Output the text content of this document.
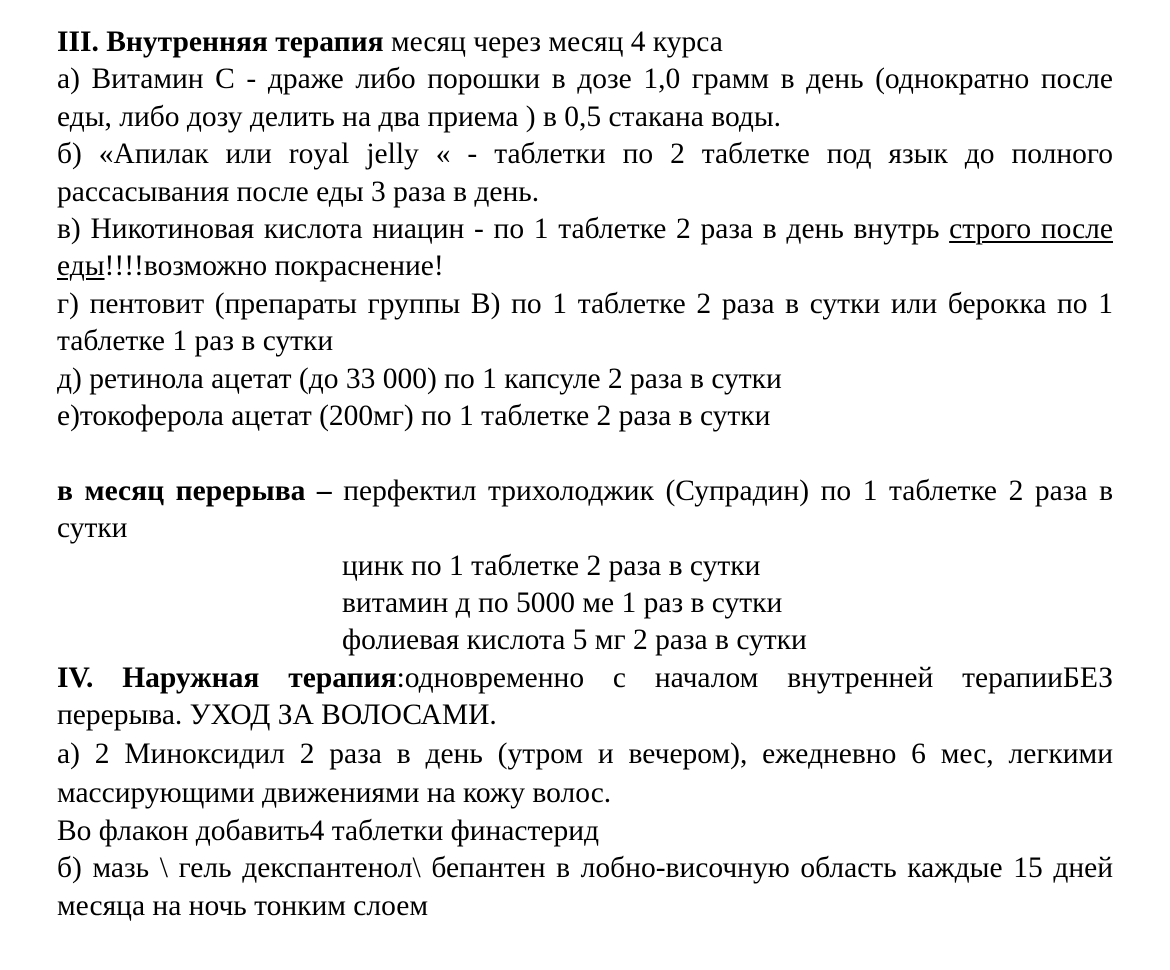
III. Внутренняя терапия месяц через месяц 4 курса

а) Витамин С - драже либо порошки в дозе 1,0 грамм в день (однократно после еды, либо дозу делить на два приема ) в 0,5 стакана воды.

б) «Апилак или royal jelly « - таблетки по 2 таблетке под язык до полного рассасывания после еды 3 раза в день.

в) Никотиновая кислота ниацин - по 1 таблетке 2 раза в день внутрь строго после еды!!!!возможно покраснение!

г) пентовит (препараты группы В) по 1 таблетке 2 раза в сутки или берокка по 1 таблетке 1 раз в сутки

д) ретинола ацетат (до 33 000) по 1 капсуле 2 раза в сутки

е)токоферола ацетат (200мг) по 1 таблетке 2 раза в сутки

в месяц перерыва – перфектил трихолоджик (Супрадин) по 1 таблетке 2 раза в сутки

цинк по 1 таблетке 2 раза в сутки

витамин д по 5000 ме 1 раз в сутки

фолиевая кислота 5 мг 2 раза в сутки

IV. Наружная терапия:одновременно с началом внутренней терапииБЕЗ перерыва. УХОД ЗА ВОЛОСАМИ.

а) 2 Миноксидил 2 раза в день (утром и вечером), ежедневно 6 мес, легкими массирующими движениями на кожу волос.

Во флакон добавить4 таблетки финастерид

б) мазь \ гель декспантенол\ бепантен в лобно-височную область каждые 15 дней месяца на ночь тонким слоем
